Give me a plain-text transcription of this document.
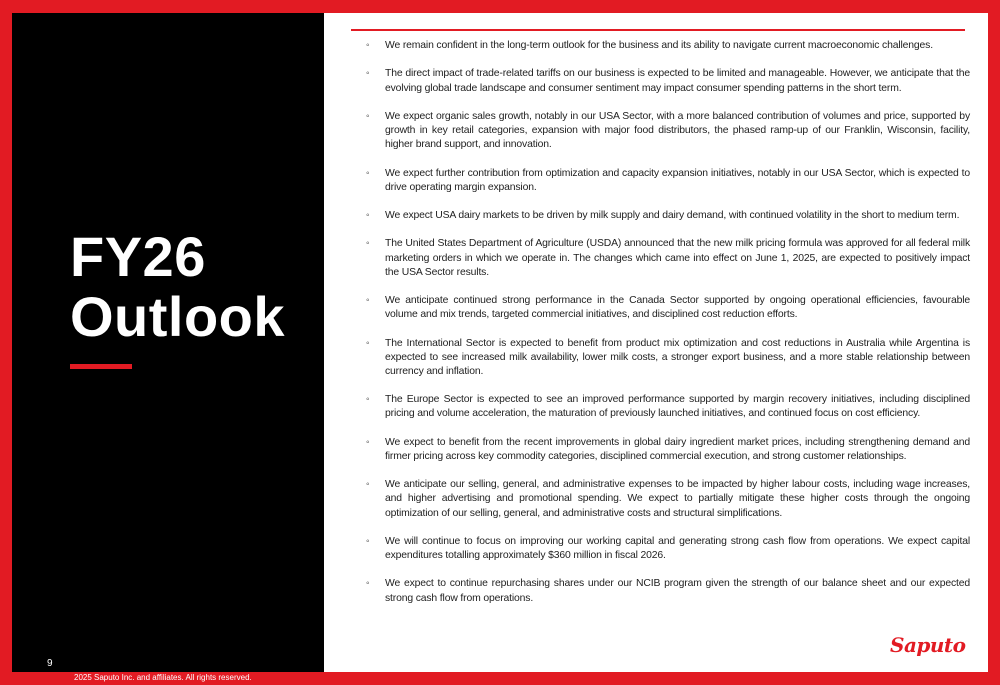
FY26
Outlook
9
◦ We remain confident in the long-term outlook for the business and its ability to navigate current macroeconomic challenges.
◦ The direct impact of trade-related tariffs on our business is expected to be limited and manageable. However, we anticipate that the evolving global trade landscape and consumer sentiment may impact consumer spending patterns in the short term.
◦ We expect organic sales growth, notably in our USA Sector, with a more balanced contribution of volumes and price, supported by growth in key retail categories, expansion with major food distributors, the phased ramp-up of our Franklin, Wisconsin, facility, higher brand support, and innovation.
◦ We expect further contribution from optimization and capacity expansion initiatives, notably in our USA Sector, which is expected to drive operating margin expansion.
◦ We expect USA dairy markets to be driven by milk supply and dairy demand, with continued volatility in the short to medium term.
◦ The United States Department of Agriculture (USDA) announced that the new milk pricing formula was approved for all federal milk marketing orders in which we operate in. The changes which came into effect on June 1, 2025, are expected to positively impact the USA Sector results.
◦ We anticipate continued strong performance in the Canada Sector supported by ongoing operational efficiencies, favourable volume and mix trends, targeted commercial initiatives, and disciplined cost reduction efforts.
◦ The International Sector is expected to benefit from product mix optimization and cost reductions in Australia while Argentina is expected to see increased milk availability, lower milk costs, a stronger export business, and a more stable relationship between currency and inflation.
◦ The Europe Sector is expected to see an improved performance supported by margin recovery initiatives, including disciplined pricing and volume acceleration, the maturation of previously launched initiatives, and continued focus on cost efficiency.
◦ We expect to benefit from the recent improvements in global dairy ingredient market prices, including strengthening demand and firmer pricing across key commodity categories, disciplined commercial execution, and strong customer relationships.
◦ We anticipate our selling, general, and administrative expenses to be impacted by higher labour costs, including wage increases, and higher advertising and promotional spending. We expect to partially mitigate these higher costs through the ongoing optimization of our selling, general, and administrative costs and structural simplifications.
◦ We will continue to focus on improving our working capital and generating strong cash flow from operations. We expect capital expenditures totalling approximately $360 million in fiscal 2026.
◦ We expect to continue repurchasing shares under our NCIB program given the strength of our balance sheet and our expected strong cash flow from operations.
Saputo
2025 Saputo Inc. and affiliates. All rights reserved.
